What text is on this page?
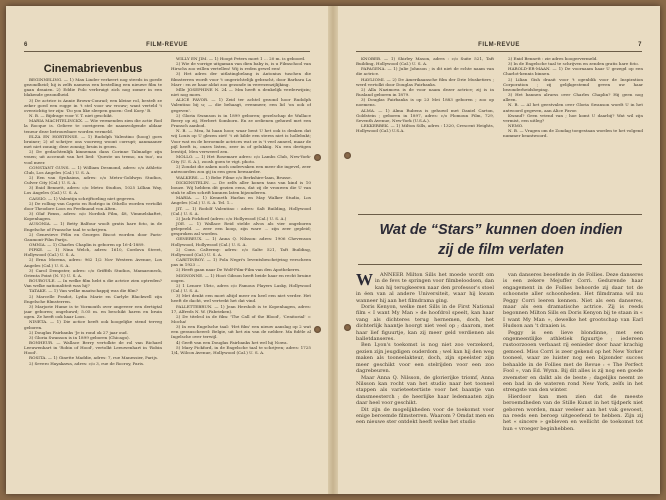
6	FILM-REVUE
Cinemabrievenbus

BEGINNELING. — 1) Max Linder verkeert nog steeds in goede gezondheid; hij is zelfs namens een bestelling een nieuwe film te gaan draaien. 2) Eddie Polo verbruigt zich nog zomer in een blakende gezondheid.

3) De actrice is Annie Brown-Conrad; een kleine rol, bestelt ze zeker goed een rogge in 't stel voor uw vrouw; want verteld 't overzichtig ter zijn: 'Do you like sleepen gnoen: Ged Koey.' B.

N. B. — Bijdrage voor V. T. niet geschikt.

MARIA MACHTELINCKX. — Wie vermenden zien die actie Rod la Rocque is. Gelieve te corrigeren de naamvolgende aldaar teneur deze betrouwbare worden vermeld.

ELZA EN HORTENSE. — 1) Rudolph Valentino (hoog) goes bruiner; 2) of schrijve ons voorweg woont corrupt; aanmaaner met niet zonnig; deze zonnig; bruin is groen.

2) De gedachtenlijk kinneman dans Corinne Talmadge zijn vraen; uit accenuit van het lied: 'Queste un tremo, un tuo', nu vool meer.

CONSTANT GUNS. — 1) William Desmond, adres: c/o Athletic Club, Los Angeles (Cal.) U. S. A.

2) Een van Synhaims, adres: c/o Metro-Goldwyn Studios, Culver City (Cal.) U. S. A.

3) Enid Bennett, adres: c/o Metro Studios, 1025 Lillian Way, Los Angeles (Cal.) U. S. A.

CASSIO. — 1) Valentijn schrijftoeling niet gegeven.

2) De rolling van Caprio en Rodrigo in Othello worden vertolkt door Theodore Loos en Ferdinand von Alten.

3) Olaf Fønss, adres: n/o Nordisk Film, 48, Vimmelskaftet, Kopenhagen.

AUSONIA. — 1) Betty Balfour woolt gratis hare foto, in de Engelsche of Fransche taal te schrijven.

2) Genevieve Félix en Georges Biscot worden door Paris-Gaumont-Film Parijs.

OMNIA. — 1) Charles Chaplin is geboren op 16-4-1889.

PIPKE. — 1) Nina Welch, adres: 1610, Cordova Street, Hollywood (Cal.) U. S. A.

2) Erna Morena, adres: 962 1/2 Nov Western Avenue, Los Angeles (Cal.) U. S. A.

3) Carol Dempster, adres: c/o Griffith Studios, Mamaroneck, Orienta Point (N. Y.) U. S. A.

BOUBOULE. — In welke film hebt u die actrice zien optreden? Van welke nationaliteit was hij?

TATAKE. — 1) Van welke maatschappij was die film?

2) Marcelle Pradot, Lydia Marie en Carlyle Blackwell zijn Engelsche filmsterren.

3) Marjorie Hume is te Vormouth over ongeveer een dertigtal jaar geboren; ongehuwd; 5.05 m. en beschikt haren en bruin ogen. Ze heeft ook haar Loos.

NINETA. — 1) Die actice heeft ook hoogelijke stend terveg geboren.

2) Douglas Fairbanks 'Je is rond ok 27 jaar oud.

3) Gloria Swanson is in 1899 geboren (Chicago).

BONHEUR. — Wallace Berry vertolkte de rol van Richard Leeuwenhart in 'Robin of Hood', vertolkt Leeuwenhart in 'Robin Hood'.

ROSITA. — 1) Ginette Maddie, adres: 7, rue Manessier, Parijs.

2) Severo Hayakawa, adres: c/o 3, rue de Rocroy, Paris.

WILLY EN JIM. — 1) Hoopt Peters moet 1 ... 20 m. is geboord.

2) Wie de vorrige uitgaman van dien baby is, is u Filmschool van Hirschs zoo willen vertellen! Wij is reden gewel een!

3) Het adres der uitlatingbelang is Antonius tuschen die filmsterren wordt voor 't ongerichtelijk gebracht, door Barbara La Marr : en ze haar aldat zoo gezonde in verrezenzijlijking.

Mlle JOSEPHINE N. 24 — Mm heeft u denkelijk verderwijzin; niet nog moes.

ALICE FAVOR. — 1) Zeid ter achtel gezond hoor Rudolph Valentino bij u; — die behaagt, evenmeer, een lid 'on ook of gegeven'.

2) Gloria Swanson is in 1899 geboren; gezelschap de Wallace Beery op zij, Herbert Somborn. En ze ordienen gehuwd met een Fransch aanbod.

N. B. — Mea, hi haan hoor, waar bent U het ook is denken dat wij Louis op U glezen ziet! 't zit kilde een sterra niet is hollebukt; Voor wat en de beroemde actrices wat ze is 't veel anneel, maar de pijl heeft is, onzes listen, zeer in of gelukkig. Na een dertigen leestijd, Men verweerd zen.

MOLLO. — 1) Het Rosemare adres: c/o Lambs Club, New-York-City (U. S. A.), zoosh goen te vigt. photo.

2) Zoudat die zaken noch ondervaken een meer die ingevel, zeer antwoorden zou gij in een geen bewaarder.

WALKERS. — 1) Bebe Filme c/o Berkshire-laan, Brusse.

DICKINSTELIN. — De zelfs aller konen tans van kind is 10 bouze. Wij hebben dit gezien eens, dat zij de vrouwen die U van stuk te alles schrift kunnen laten bijzonderen.

MARIA. — 1) Kenneth Harlan en May Walker Studio, Los Angeles (Cal.) U. S. A. Tel. 1...

JIT. — 1) Rodolf Valentino : adres: Salt Building, Hollywood (Cal.) U. S. A.

2) Jack Pickford (adres: c/o Hollywood (Cal.) U. S. A.)

JOE. — 1) Wallace Reid stelde alvos als vier ongeboren gelepeeld. — zeer een koop, zijn ware ... zijn zeer gepleid; gesproken zal worden.

GENEREUX. — 1) Anna Q. Nilsson: adres: 1906 Chevenson Hollywood, Hollywood (Cal.) U. S. A.

2) Cons. Caltermy: adres: c/o Salte 521, Taft Building, Hollywood (Cal.) U. S. A.

CARITINBOY. — 1) Pola Negri's leventsbeschrijving verscheen pas in 1923 ...

2) Heeft gaan naar De Wolf-Film-Film van den Apothekeres.

MIGNONNE. — 1) Hoot Gibson heeft beide haar en recht bruine oogen.

2) 1 Lenore Ulric, adres c/o Famous Players Lasky, Hollywood (Cal.) U. S. A.

3) Met denkt een moet altijd meer en heel een niet verder. Het heeft de dacht, wel vertrekt het dat vind.

PALLETTEBRUN. — 1) Jean Hersholt is te Kopenhagen, adres: 17, Alfreds N. W. (Fabrieken).

2) De titelrol in de film: 'The Call of the Blood', 'Cenitorial' = Mocha!

3) In een Engelsche taal: 'Het film' een nieuw aanslag op 2 wat een gerauscheerd: Belgie, uit het zin van de nebber. Ma fidèle al Ingelsche over terwijl.

4) Geeft van een Douglas Fairbanks het wel hij Nowa.

5) Mary Pickford, in de Engelsche taal te schrijven; adres: 1725 1/4, Wilcox Avenue, Hollywood (Cal.) U. S. A.

FILM-REVUE	7

KNOBEB. — 1) Shirley Mason, adres : c/o Suite 521, Taft Building, Hollywood (Cal.) U. S. A.

PAPAGENA. — 1) Julie Johnson ; is dit niet de echte naam van die actrice.

HAVLIOMI. — 2) De Amerikaansche film der Drie Musketiers ; werd vertolkt door Douglas Fairbanks.

2) Alla Nazimova is de voor naam dezer actrice; zij is in Rusland geboren in 1879.

3) Douglas Fairbanks is op 23 Mei 1883 geboren ; zoo op noemens.

ALMA. — 1) Alma Rubens is gehuwd met Daniel Carton, Goldstein ; geboren in 1897, adres: c/o Plomoun Film, 729, Seventh Avenue, New-York (U.S.A.).

LEKKERBEK. — 1) Milton Sills, adres : 1320, Crescent Heights, Hollywood (Cal.) U.S.A.

2) Enid Bennett : zie adres hoogervermeld.

3) In de Engelsche taal te schrijven en zenden gratis hare foto.

HAROLD-ER-MAAN. — 1) De voornaam haar U gezegd op een Charlot-kennis binnen.

2) Lilian Gish draait voor 't ogenblik voor de Inspiration Corporation ; zij gelijkgestemd geven uw haar bezonderheidsbeping.

3) Het bannen alrurss over Charles Chaplin? Hij geen nog alleen.

N. B. — Al het geestvalen over Gloria Swanson wordt U in het antwoord gegeven, aan Alice Favor.

Kwand? Geen vriend van ; hoe komt U daarbij? Wat wil zijn vermist, een uitleg?

NEMO.

N. B. — Vragen om de Zondag toegestaan worden te het volgend nummer beantwoord.

Wat de “Stars” kunnen doen indien
zij de film verlaten
W	ANNEER Milton Sills het moede wordt om in de fevs te springen voor filmbeloodsen, dan kan hij terugkeeren naar den professor's stoel in éen van al andere Universiteit, waar hij kwam wanneer hij aan het filmdrama ging.

Doris Kenyon, welke met Sills in de First National film « I want My Man » de hoofdrol speelt, kan haar vang als dichteres terug hernemen, doch, het dichterlijk haantje hoorgt niet veel op ; daarom, met haar lief figuurtje, kan zij meer geld verdienen als balletdanseres.

Ben Lyon's toekomst is nog niet zoo verzekerd, gezien zijn jeugdigen ouderdom ; wel kan hij den weg maken als tooneelakteur, doch, zijn speelster zijn meer geschikt voor een stelrijden voor een zoo dagrebeuren.

Maar Anna Q. Nilsson, de glorierijke triomf, Anna Nilsson kan rocht van het studio naar het tooneel stappen als varieteetertiste voor het baantje van dansmeesterch ; de heerlijke haar ledemaaten zijn daar heel voor geschikt.

Dit zijn de mogelijkheden voor de toekomst voor enige beroemde filmsterren. Waarom ? Omdat men en een nieuwe ster ontdekt heeft welke het studio

van danseres beoefende in de Follies. Deze danseres is een zekere Mejuffer Corri. Gedurende haar engagement in de Follies behoorde zij daar tot de schoonste aller schoonheden. Het filmdrama wil nu Peggy Corri leeren kennen. Niet als een danseres, maar als een dramatische actrice. Zij is reeds begonnen Milton Sills en Doris Kenyon bij te staan in « I want My Man », dewelke het grootschap van Earl Hudson aan 't draaien is.

Peggy is een lieve blondinne, met een ongemeentlijke athletiek figuurtje ; iedereen rustoorzooen verbaast rij eenieder door haar krachig gemoed. Miss Corri is zeer gekend op het New Yorker tooneel, waar ze luister nog een bijzonder succes behaalde in de Follies met de Revue : « The Perfect Fool », van Ed. Wynn. Bij dit alles is zij nog een goede zwemster en dalkt als de beste ; dagelijks neemt ze een bad in de wateren rond New York, zelfs in het strengste van den winter.

Hierdoor kan men zien dat de meeste beroemdheden van de Stille Kunst in het tijdperk niet geboren worden, maar veeleer aan het vak gewoest, na reeds een beroep uitgeoefend te hebben. Zijn zij het « sincere » gebleven en wellicht de toekomst tot hun « vroeger beginhebben.
